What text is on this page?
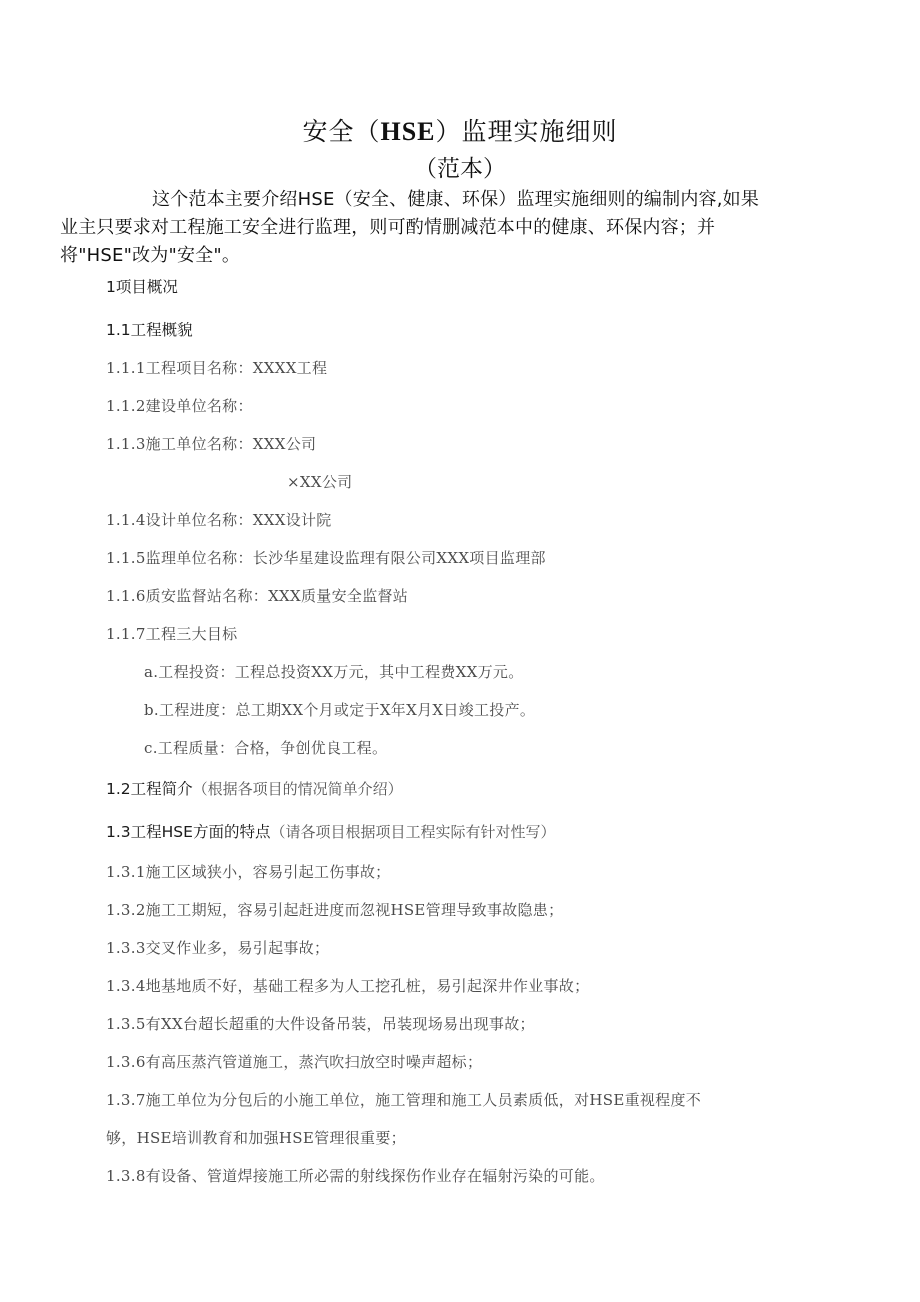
安全（HSE）监理实施细则
（范本）
这个范本主要介绍HSE（安全、健康、环保）监理实施细则的编制内容,如果
业主只要求对工程施工安全进行监理，则可酌情删减范本中的健康、环保内容；并
将"HSE"改为"安全"。
1项目概况
1.1工程概貌
1.1.1工程项目名称：XXXX工程
1.1.2建设单位名称：
1.1.3施工单位名称：XXX公司
×XX公司
1.1.4设计单位名称：XXX设计院
1.1.5监理单位名称：长沙华星建设监理有限公司XXX项目监理部
1.1.6质安监督站名称：XXX质量安全监督站
1.1.7工程三大目标
a.工程投资：工程总投资XX万元，其中工程费XX万元。
b.工程进度：总工期XX个月或定于X年X月X日竣工投产。
c.工程质量：合格，争创优良工程。
1.2工程简介（根据各项目的情况简单介绍）
1.3工程HSE方面的特点（请各项目根据项目工程实际有针对性写）
1.3.1施工区域狭小，容易引起工伤事故；
1.3.2施工工期短，容易引起赶进度而忽视HSE管理导致事故隐患；
1.3.3交叉作业多，易引起事故；
1.3.4地基地质不好，基础工程多为人工挖孔桩，易引起深井作业事故；
1.3.5有XX台超长超重的大件设备吊装，吊装现场易出现事故；
1.3.6有高压蒸汽管道施工，蒸汽吹扫放空时噪声超标；
1.3.7施工单位为分包后的小施工单位，施工管理和施工人员素质低，对HSE重视程度不
够，HSE培训教育和加强HSE管理很重要；
1.3.8有设备、管道焊接施工所必需的射线探伤作业存在辐射污染的可能。
